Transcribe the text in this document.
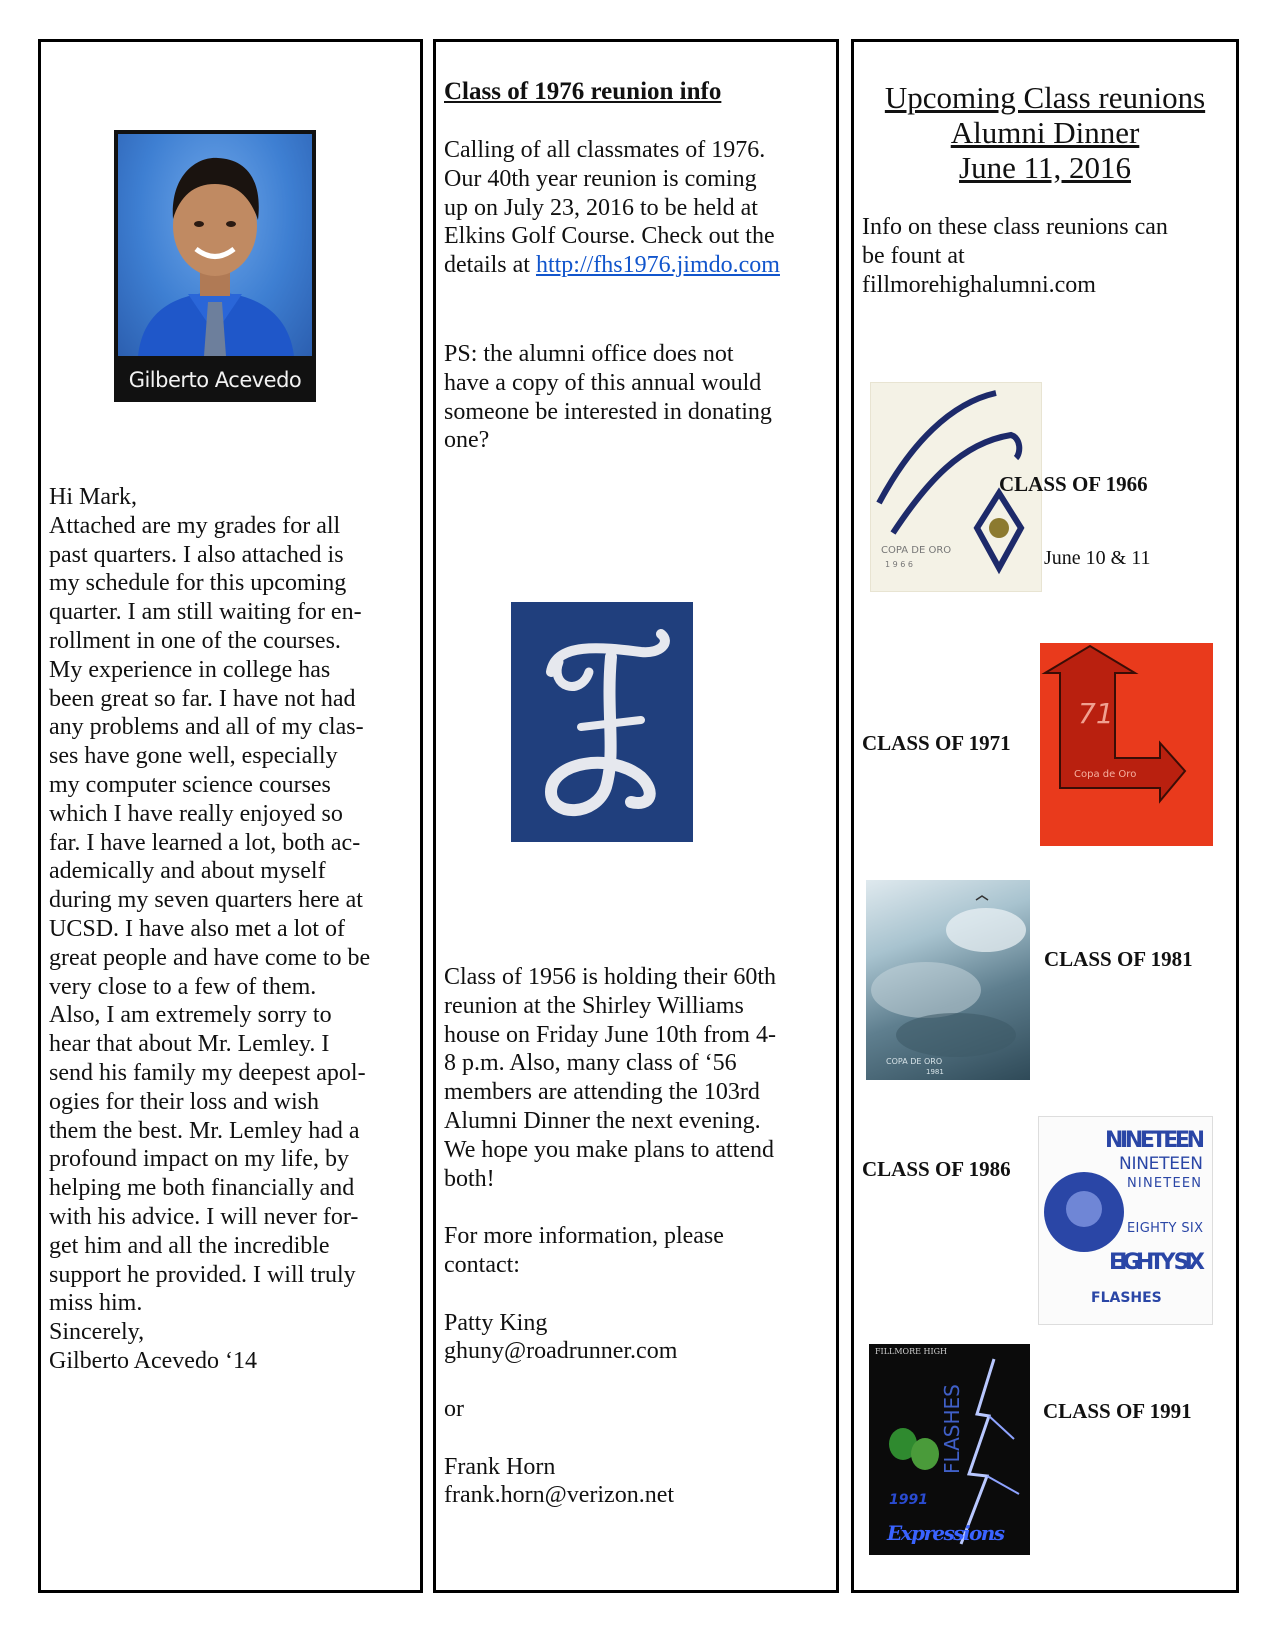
Gilberto Acevedo
Hi Mark,
Attached are my grades for all
past quarters. I also attached is
my schedule for this upcoming
quarter. I am still waiting for en-
rollment in one of the courses.
My experience in college has
been great so far. I have not had
any problems and all of my clas-
ses have gone well, especially
my computer science courses
which I have really enjoyed so
far. I have learned a lot, both ac-
ademically and about myself
during my seven quarters here at
UCSD. I have also met a lot of
great people and have come to be
very close to a few of them.
Also, I am extremely sorry to
hear that about Mr. Lemley. I
send his family my deepest apol-
ogies for their loss and wish
them the best. Mr. Lemley had a
profound impact on my life, by
helping me both financially and
with his advice. I will never for-
get him and all the incredible
support he provided. I will truly
miss him.
Sincerely,
Gilberto Acevedo ‘14
Class of 1976 reunion info
Calling of all classmates of 1976.
Our 40th year reunion is coming
up on July 23, 2016 to be held at
Elkins Golf Course. Check out the
details at http://fhs1976.jimdo.com
PS: the alumni office does not
have a copy of this annual would
someone be interested in donating
one?
Class of 1956 is holding their 60th
reunion at the Shirley Williams
house on Friday June 10th from 4-
8 p.m. Also, many class of ‘56
members are attending the 103rd
Alumni Dinner the next evening.
We hope you make plans to attend
both!

For more information, please
contact:

Patty King
ghuny@roadrunner.com

or

Frank Horn
frank.horn@verizon.net
Upcoming Class reunions
Alumni Dinner
June 11, 2016
Info on these class reunions can
be fount at
fillmorehighalumni.com
COPA DE ORO
1 9 6 6
CLASS OF 1966
June 10 & 11
CLASS OF 1971
71
Copa de Oro
COPA DE ORO
1981
CLASS OF 1981
CLASS OF 1986
NINETEEN
NINETEEN
NINETEEN
EIGHTY SIX
EIGHTY SIX
FLASHES
FILLMORE HIGH
FLASHES
1991
Expressions
CLASS OF 1991
